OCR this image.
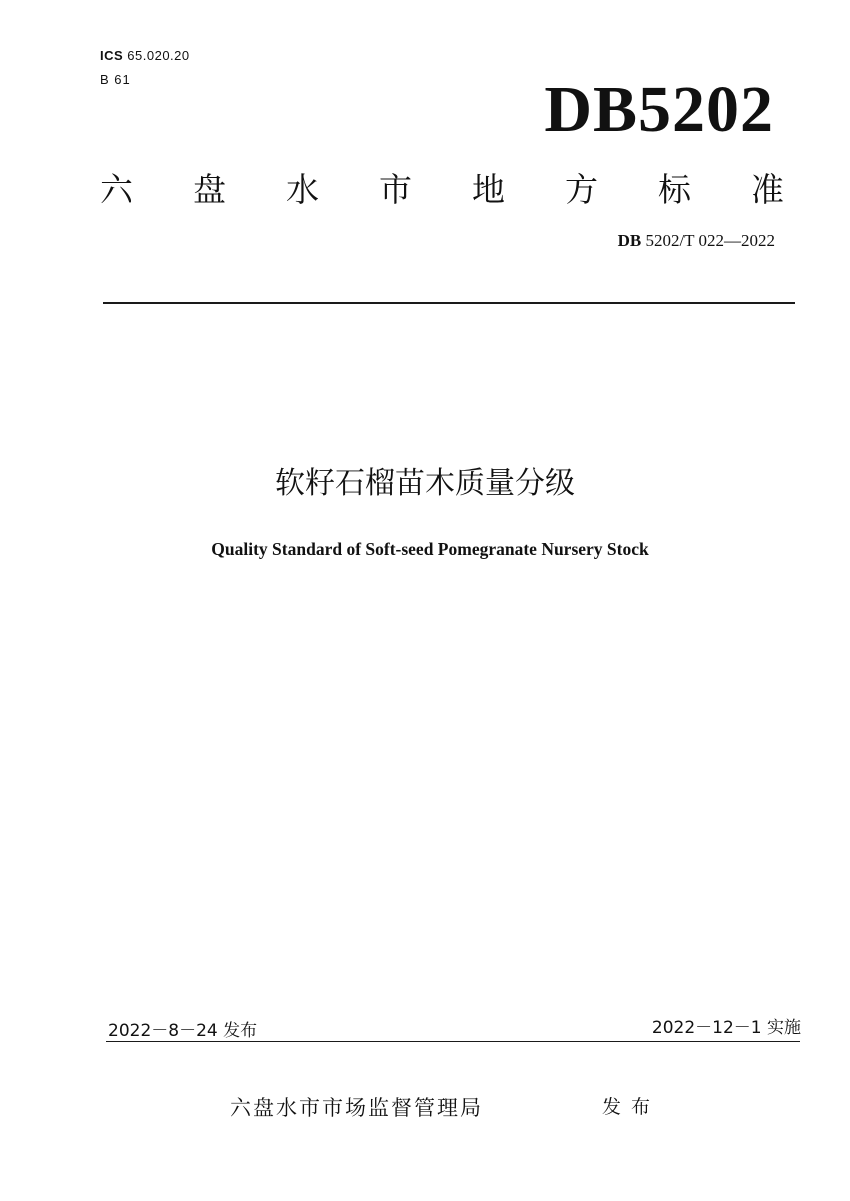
ICS 65.020.20
B 61	DB5202
六 盘 水 市 地 方 标 准
DB 5202/T 022—2022
软籽石榴苗木质量分级
Quality Standard of Soft-seed Pomegranate Nursery Stock
2022－8－24 发布	2022－12－1 实施
六盘水市市场监督管理局	发布
